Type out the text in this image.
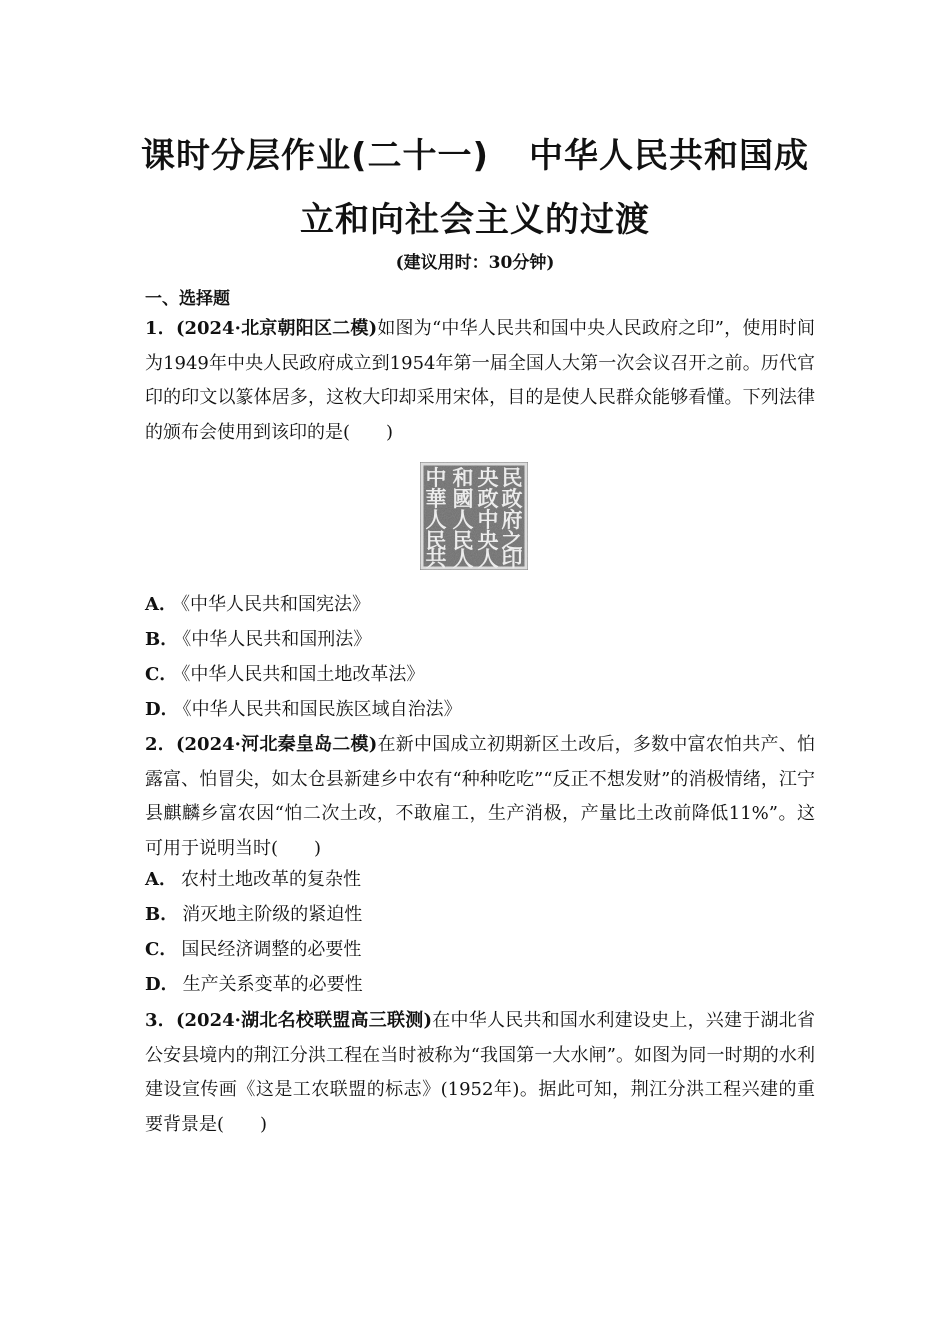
课时分层作业(二十一) 中华人民共和国成
立和向社会主义的过渡
(建议用时：30分钟)
一、选择题
1．(2024·北京朝阳区二模)如图为“中华人民共和国中央人民政府之印”，使用时间为1949年中央人民政府成立到1954年第一届全国人大第一次会议召开之前。历代官印的印文以篆体居多，这枚大印却采用宋体，目的是使人民群众能够看懂。下列法律的颁布会使用到该印的是(　　)
中
華
人
民
共
和
國
人
民
人
央
政
中
央
人
民
政
府
之
印
A． 《中华人民共和国宪法》
B． 《中华人民共和国刑法》
C． 《中华人民共和国土地改革法》
D． 《中华人民共和国民族区域自治法》
2．(2024·河北秦皇岛二模)在新中国成立初期新区土改后，多数中富农怕共产、怕露富、怕冒尖，如太仓县新建乡中农有“种种吃吃”“反正不想发财”的消极情绪，江宁县麒麟乡富农因“怕二次土改，不敢雇工，生产消极，产量比土改前降低11%”。这可用于说明当时(　　)
A． 农村土地改革的复杂性
B． 消灭地主阶级的紧迫性
C． 国民经济调整的必要性
D． 生产关系变革的必要性
3．(2024·湖北名校联盟高三联测)在中华人民共和国水利建设史上，兴建于湖北省公安县境内的荆江分洪工程在当时被称为“我国第一大水闸”。如图为同一时期的水利建设宣传画《这是工农联盟的标志》(1952年)。据此可知，荆江分洪工程兴建的重要背景是(　　)
